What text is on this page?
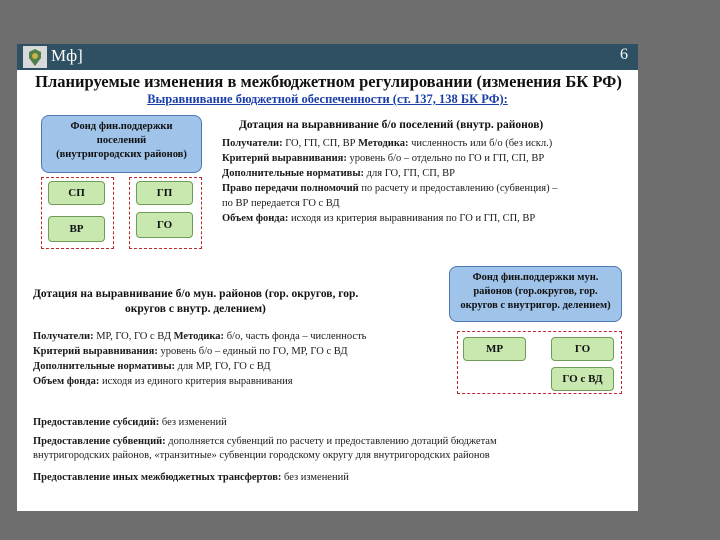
Мф]	6
Планируемые изменения в межбюджетном регулировании (изменения БК РФ)
Выравнивание бюджетной обеспеченности (ст. 137, 138 БК РФ):
Фонд фин.поддержки
поселений
(внутригородских районов)
СП	ГП
ВР	ГО
Дотация на выравнивание б/о поселений (внутр. районов)
Получатели: ГО, ГП, СП, ВР Методика: численность или б/о (без искл.)
Критерий выравнивания: уровень б/о – отдельно по ГО и ГП, СП, ВР
Дополнительные нормативы: для ГО, ГП, СП, ВР
Право передачи полномочий по расчету и предоставлению (субвенция) –
по ВР передается ГО с ВД
Объем фонда: исходя из критерия выравнивания по ГО и ГП, СП, ВР
Дотация на выравнивание б/о мун. районов (гор. округов, гор.
округов с внутр. делением)
Фонд фин.поддержки мун.
районов (гор.округов, гор.
округов с внутригор. делением)
МР	ГО
ГО с ВД
Получатели: МР, ГО, ГО с ВД Методика: б/о, часть фонда – численность
Критерий выравнивания: уровень б/о – единый по ГО, МР, ГО с ВД
Дополнительные нормативы: для МР, ГО, ГО с ВД
Объем фонда: исходя из единого критерия выравнивания
Предоставление субсидий: без изменений
Предоставление субвенций: дополняется субвенций по расчету и предоставлению дотаций бюджетам
внутригородских районов, «транзитные» субвенции городскому округу для внутригородских районов
Предоставление иных межбюджетных трансфертов: без изменений
